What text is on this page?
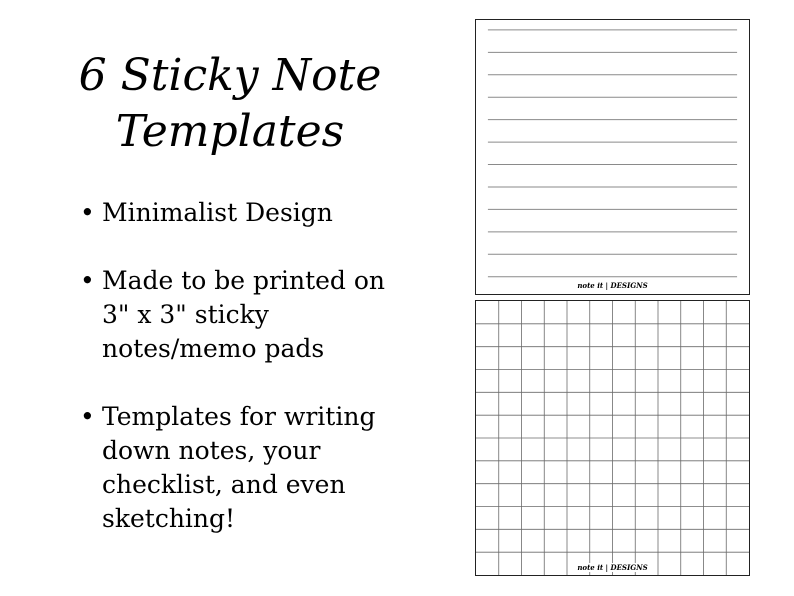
6 Sticky Note
Templates
• Minimalist Design
• Made to be printed on 3" x 3" sticky notes/memo pads
• Templates for writing down notes, your checklist, and even sketching!
note it | DESIGNS
note it | DESIGNS
